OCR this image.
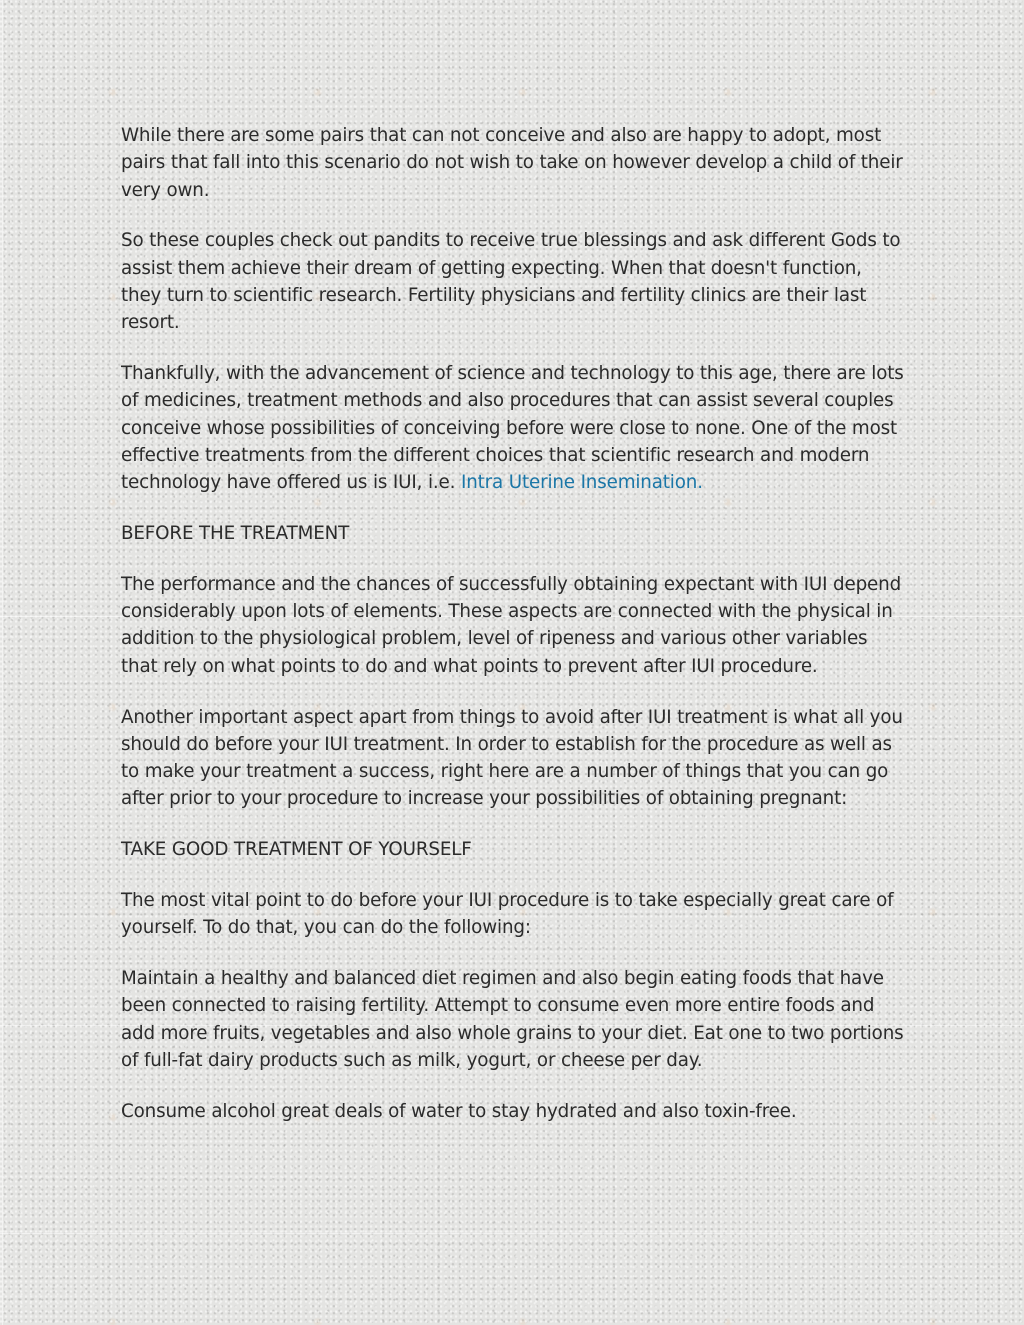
While there are some pairs that can not conceive and also are happy to adopt, most pairs that fall into this scenario do not wish to take on however develop a child of their very own.

So these couples check out pandits to receive true blessings and ask different Gods to assist them achieve their dream of getting expecting. When that doesn't function, they turn to scientific research. Fertility physicians and fertility clinics are their last resort.

Thankfully, with the advancement of science and technology to this age, there are lots of medicines, treatment methods and also procedures that can assist several couples conceive whose possibilities of conceiving before were close to none. One of the most effective treatments from the different choices that scientific research and modern technology have offered us is IUI, i.e. Intra Uterine Insemination.

BEFORE THE TREATMENT

The performance and the chances of successfully obtaining expectant with IUI depend considerably upon lots of elements. These aspects are connected with the physical in addition to the physiological problem, level of ripeness and various other variables that rely on what points to do and what points to prevent after IUI procedure.

Another important aspect apart from things to avoid after IUI treatment is what all you should do before your IUI treatment. In order to establish for the procedure as well as to make your treatment a success, right here are a number of things that you can go after prior to your procedure to increase your possibilities of obtaining pregnant:

TAKE GOOD TREATMENT OF YOURSELF

The most vital point to do before your IUI procedure is to take especially great care of yourself. To do that, you can do the following:

Maintain a healthy and balanced diet regimen and also begin eating foods that have been connected to raising fertility. Attempt to consume even more entire foods and add more fruits, vegetables and also whole grains to your diet. Eat one to two portions of full-fat dairy products such as milk, yogurt, or cheese per day.

Consume alcohol great deals of water to stay hydrated and also toxin-free.
